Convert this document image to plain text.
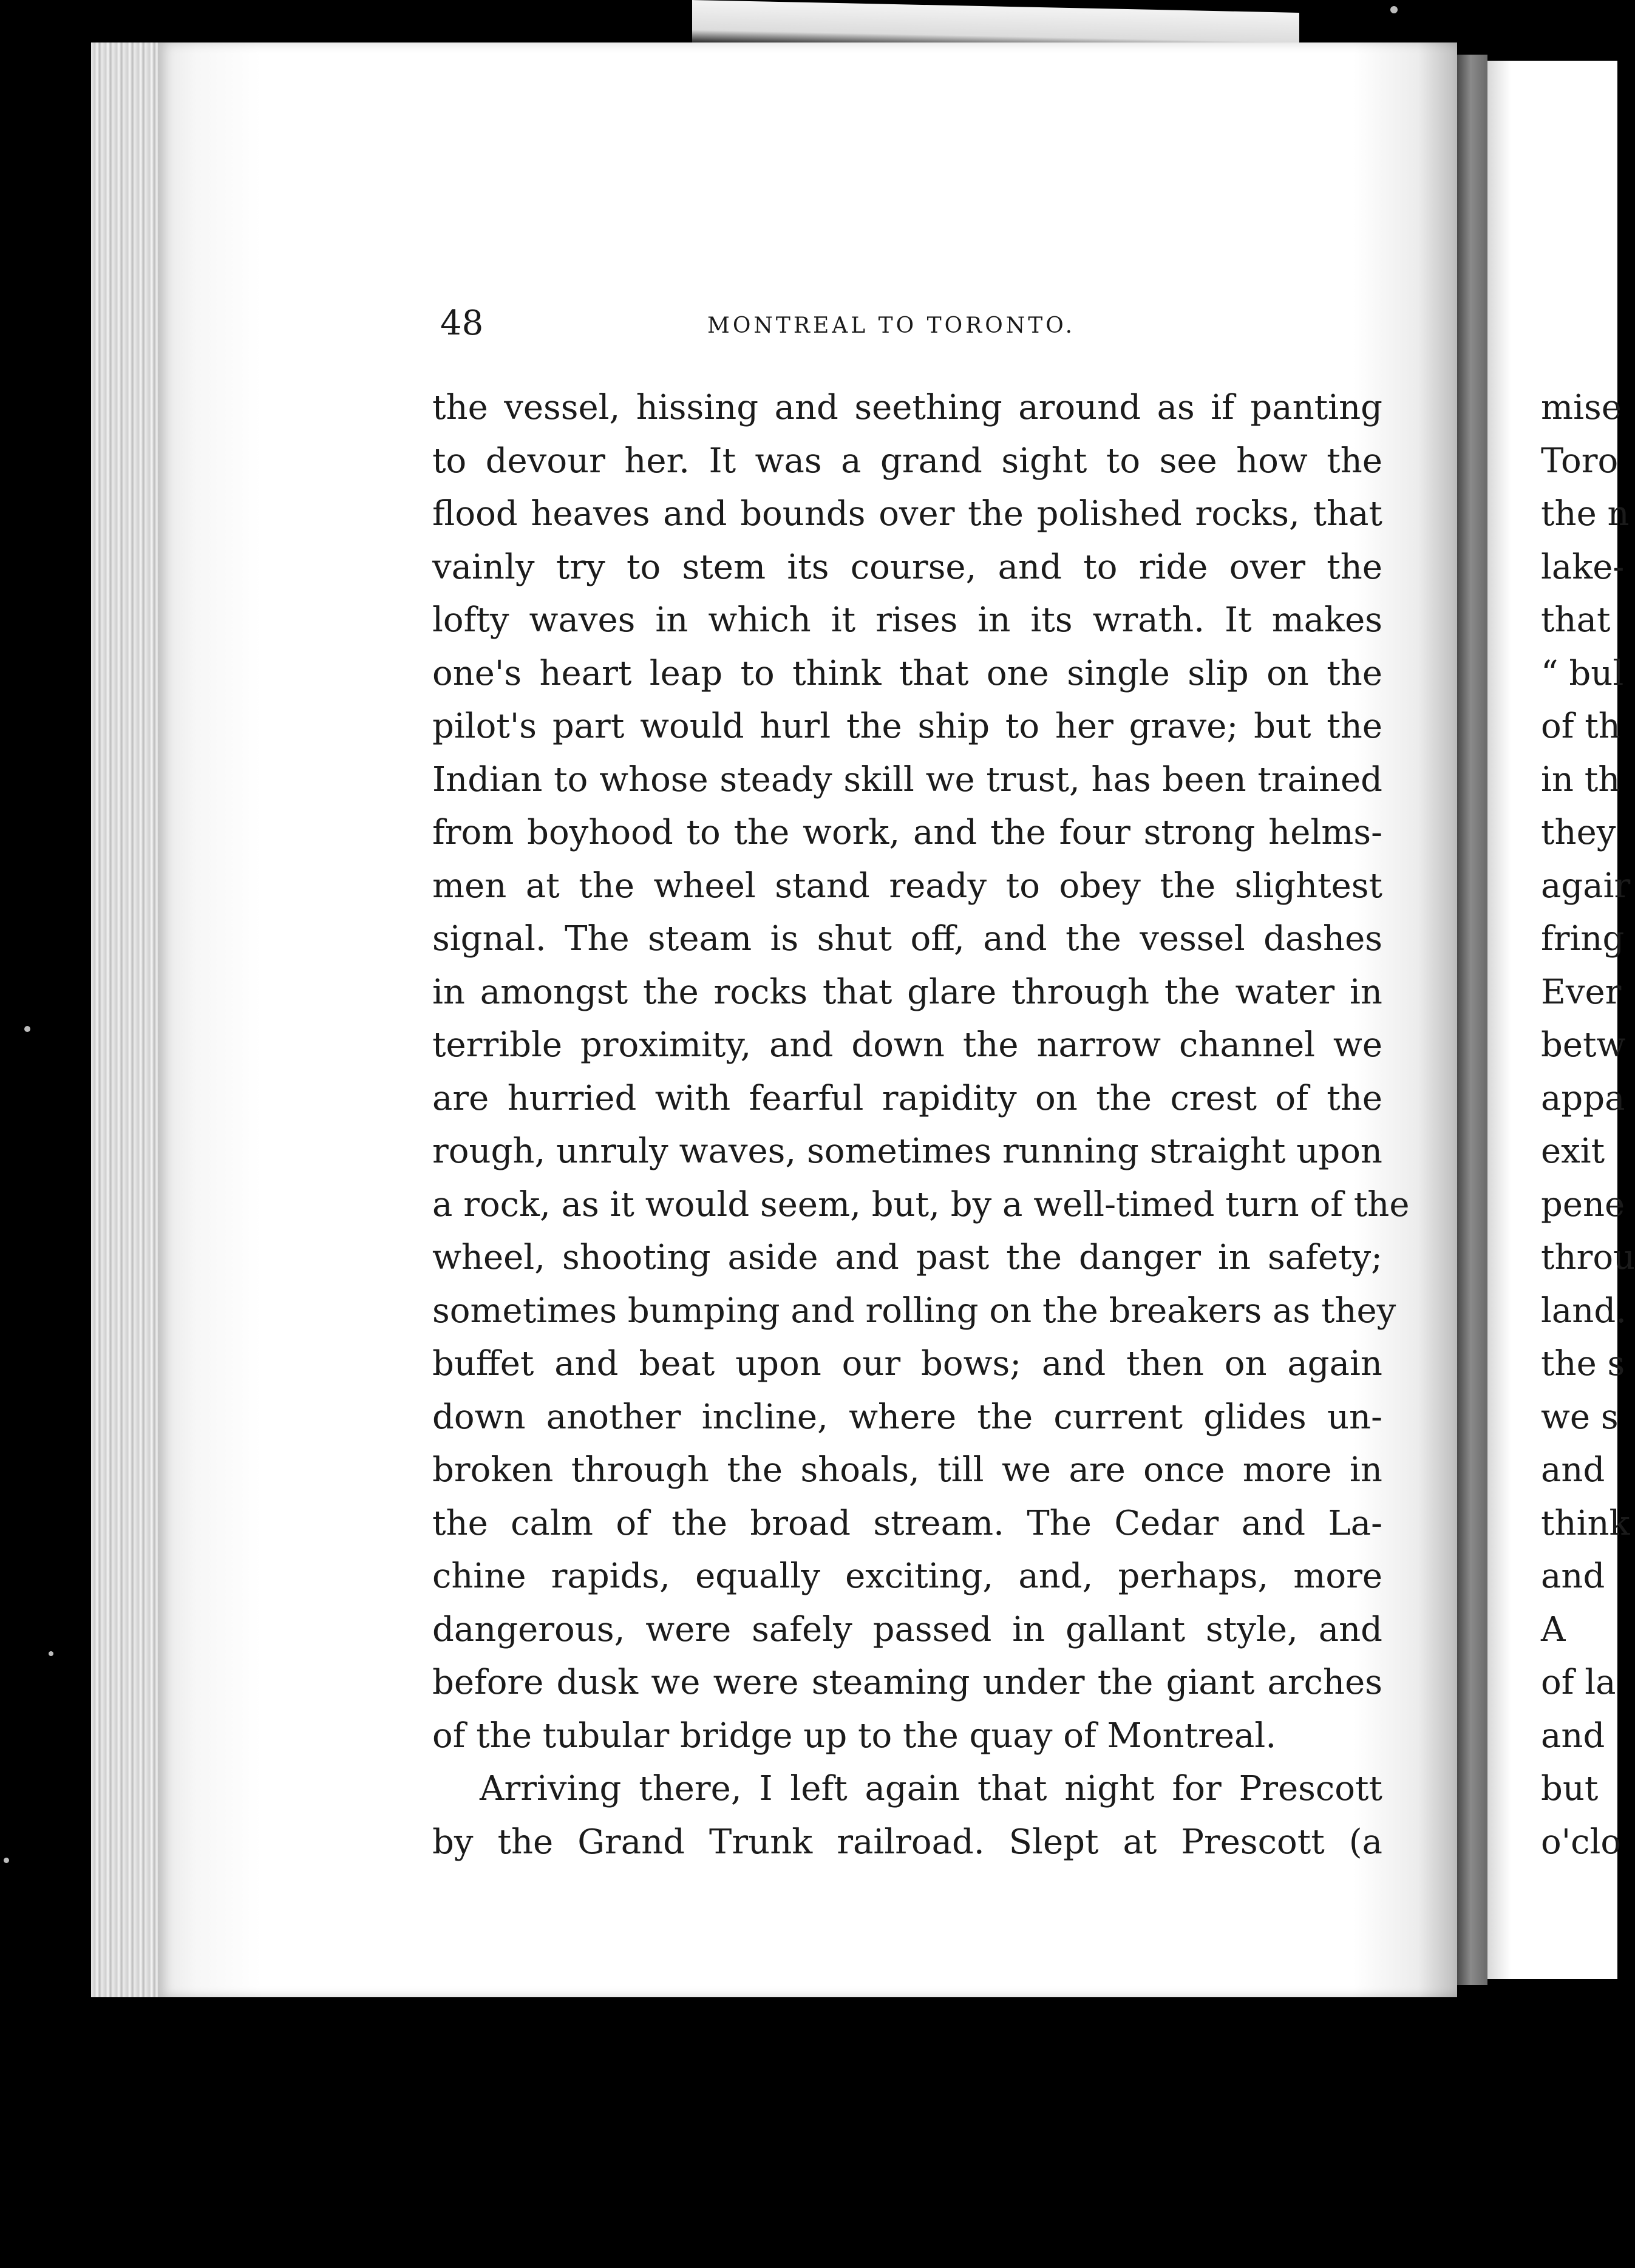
48	MONTREAL TO TORONTO.
the vessel, hissing and seething around as if panting
to devour her. It was a grand sight to see how the
flood heaves and bounds over the polished rocks, that
vainly try to stem its course, and to ride over the
lofty waves in which it rises in its wrath. It makes
one's heart leap to think that one single slip on the
pilot's part would hurl the ship to her grave; but the
Indian to whose steady skill we trust, has been trained
from boyhood to the work, and the four strong helms-
men at the wheel stand ready to obey the slightest
signal. The steam is shut off, and the vessel dashes
in amongst the rocks that glare through the water in
terrible proximity, and down the narrow channel we
are hurried with fearful rapidity on the crest of the
rough, unruly waves, sometimes running straight upon
a rock, as it would seem, but, by a well-timed turn of the
wheel, shooting aside and past the danger in safety;
sometimes bumping and rolling on the breakers as they
buffet and beat upon our bows; and then on again
down another incline, where the current glides un-
broken through the shoals, till we are once more in
the calm of the broad stream. The Cedar and La-
chine rapids, equally exciting, and, perhaps, more
dangerous, were safely passed in gallant style, and
before dusk we were steaming under the giant arches
of the tubular bridge up to the quay of Montreal.
Arriving there, I left again that night for Prescott
by the Grand Trunk railroad. Slept at Prescott (a
mise
Toro
the n
lake-
that
“ bul
of th
in th
they
agair
fring
Ever
betw
appa
exit
pene
throu
land.
the s
we s
and
think
and
A
of la
and
but
o'clo
